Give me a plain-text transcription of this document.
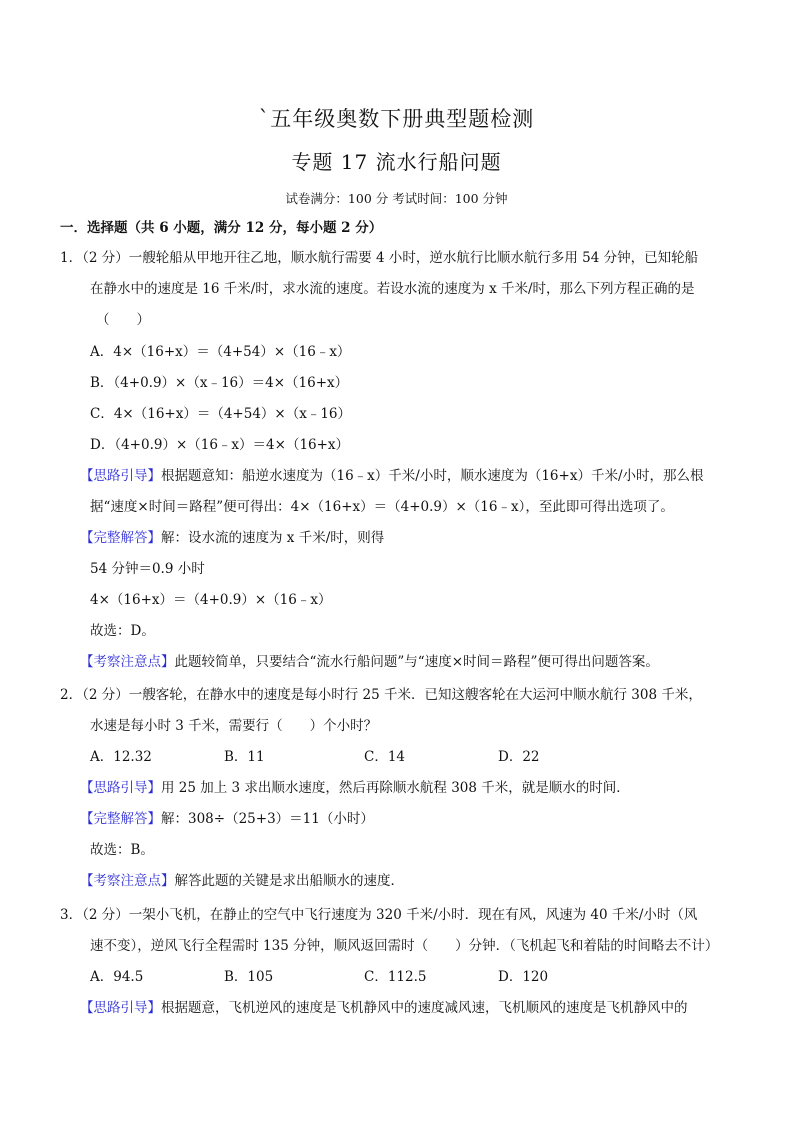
`五年级奥数下册典型题检测
专题 17 流水行船问题
试卷满分：100 分 考试时间：100 分钟
一．选择题（共 6 小题，满分 12 分，每小题 2 分）
1．（2 分）一艘轮船从甲地开往乙地，顺水航行需要 4 小时，逆水航行比顺水航行多用 54 分钟，已知轮船
在静水中的速度是 16 千米/时，求水流的速度。若设水流的速度为 x 千米/时，那么下列方程正确的是
（　　）
A．4×（16+x）＝（4+54）×（16﹣x）
B．（4+0.9）×（x﹣16）＝4×（16+x）
C．4×（16+x）＝（4+54）×（x﹣16）
D．（4+0.9）×（16﹣x）＝4×（16+x）
【思路引导】根据题意知：船逆水速度为（16﹣x）千米/小时，顺水速度为（16+x）千米/小时，那么根
据“速度×时间＝路程”便可得出：4×（16+x）＝（4+0.9）×（16﹣x），至此即可得出选项了。
【完整解答】解：设水流的速度为 x 千米/时，则得
54 分钟＝0.9 小时
4×（16+x）＝（4+0.9）×（16﹣x）
故选：D。
【考察注意点】此题较简单，只要结合“流水行船问题”与“速度×时间＝路程”便可得出问题答案。
2．（2 分）一艘客轮，在静水中的速度是每小时行 25 千米．已知这艘客轮在大运河中顺水航行 308 千米，
水速是每小时 3 千米，需要行（　　）个小时？
A．12.32	B．11	C．14	D．22
【思路引导】用 25 加上 3 求出顺水速度，然后再除顺水航程 308 千米，就是顺水的时间．
【完整解答】解：308÷（25+3）＝11（小时）
故选：B。
【考察注意点】解答此题的关键是求出船顺水的速度．
3．（2 分）一架小飞机，在静止的空气中飞行速度为 320 千米/小时．现在有风，风速为 40 千米/小时（风
速不变），逆风飞行全程需时 135 分钟，顺风返回需时（　　）分钟．（飞机起飞和着陆的时间略去不计）
A．94.5	B．105	C．112.5	D．120
【思路引导】根据题意，飞机逆风的速度是飞机静风中的速度减风速，飞机顺风的速度是飞机静风中的
